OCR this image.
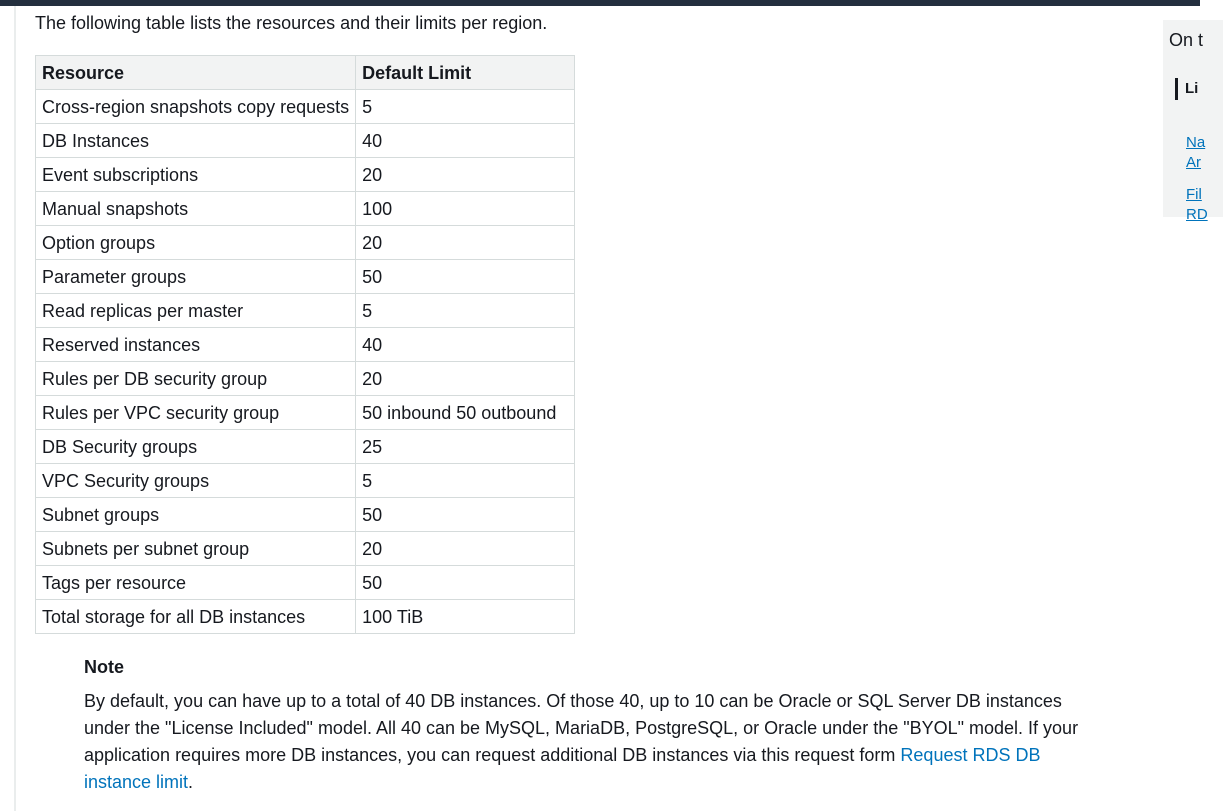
The following table lists the resources and their limits per region.

Resource	Default Limit
Cross-region snapshots copy requests	5
DB Instances	40
Event subscriptions	20
Manual snapshots	100
Option groups	20
Parameter groups	50
Read replicas per master	5
Reserved instances	40
Rules per DB security group	20
Rules per VPC security group	50 inbound 50 outbound
DB Security groups	25
VPC Security groups	5
Subnet groups	50
Subnets per subnet group	20
Tags per resource	50
Total storage for all DB instances	100 TiB

Note

By default, you can have up to a total of 40 DB instances. Of those 40, up to 10 can be Oracle or SQL Server DB instances under the "License Included" model. All 40 can be MySQL, MariaDB, PostgreSQL, or Oracle under the "BYOL" model. If your application requires more DB instances, you can request additional DB instances via this request form Request RDS DB instance limit.

On t
Li
Na
Ar
Fil
RD
